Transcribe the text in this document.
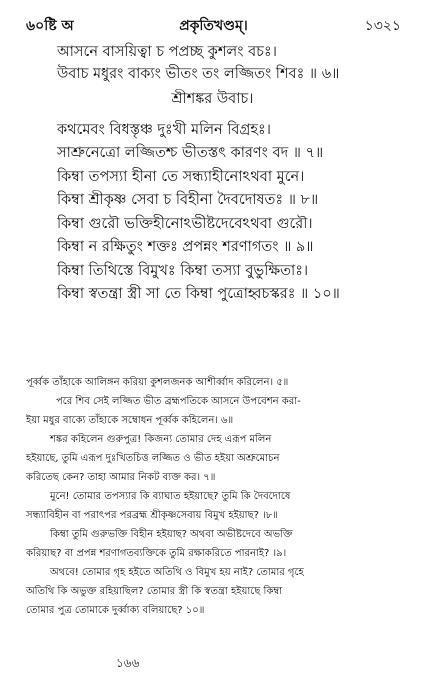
৬০ষ্টি অ	প্রকৃতিখণ্ডম্‌।	১৩২১
আসনে বাসয়িত্বা চ পপ্রচ্ছ কুশলং বচঃ।
উবাচ মধুরং বাক্যং ভীতং তং লজ্জিতং শিবঃ ॥ ৬॥
শ্রীশঙ্কর উবাচ।
কথমেবং বিধস্তৃঞ্চ দুঃখী মলিন বিগ্রহঃ।
সাশ্রুনেত্রো লজ্জিতশ্চ ভীতস্তৎ কারণং বদ ॥ ৭॥
কিম্বা তপস্যা হীনা তে সন্ধ্যাহীনোঽথবা মুনে।
কিম্বা শ্রীকৃষ্ণ সেবা চ বিহীনা দৈবদোষতঃ ॥ ৮॥
কিম্বা গুরৌ ভক্তিহীনোঽভীষ্টদেবেঽথবা গুরৌ।
কিম্বা ন রক্ষিতুং শক্তঃ প্রপন্নং শরণাগতং ॥ ৯॥
কিম্বা তিথিস্তে বিমুখঃ কিম্বা তস্যা বুভুক্ষিতাঃ।
কিম্বা স্বতন্ত্রা স্ত্রী সা তে কিম্বা পুত্রোহ্বচস্করঃ ॥ ১০॥
পূর্ব্বক তাঁহাকে আলিঙ্গন করিয়া কুশলজনক আশীর্ব্বাদ করিলেন। ৫॥
পরে শিব সেই লজ্জিত ভীত ব্রহ্মপতিকে আসনে উপবেশন করা-
ইয়া মধুর বাক্যে তাঁহাকে সম্বোধন পূর্ব্বক কহিলেন। ৬॥
শঙ্কর কহিলেন গুরুপুত্র! কিজন্য তোমার দেহ এরূপ মলিন
হইয়াছে, তুমি এরূপ দুঃখিতচিত্ত লজ্জিত ও ভীত হইয়া অশ্রুমোচন
করিতেছ কেন? তাহা আমার নিকট ব্যক্ত কর। ৭॥
মুনে! তোমার তপস্যার কি ব্যাঘাত হইয়াছে? তুমি কি দৈবদোষে
সন্ধ্যাবিহীন বা পরাৎপর পরব্রহ্ম শ্রীকৃষ্ণসেবায় বিমুখ হইয়াছ? ।৮॥
কিম্বা তুমি গুরুভক্তি বিহীন হইয়াছ? অথবা অভীষ্টদেবে অভক্তি
করিয়াছ? বা প্রপন্ন শরণাগতব্যক্তিকে তুমি রক্ষাকরিতে পারনাই? ।৯।
অথবে! তোমার গৃহ হইতে অতিথি ও বিমুখ হয় নাই? তোমার গৃহে
অতিথি কি অভুক্ত রহিয়াছিল? তোমার স্ত্রী কি স্বতন্ত্রা হইয়াছে কিম্বা
তোমার পুত্র তোমাকে দুর্ব্বাক্য বলিয়াছে? ১০॥
১৬৬
